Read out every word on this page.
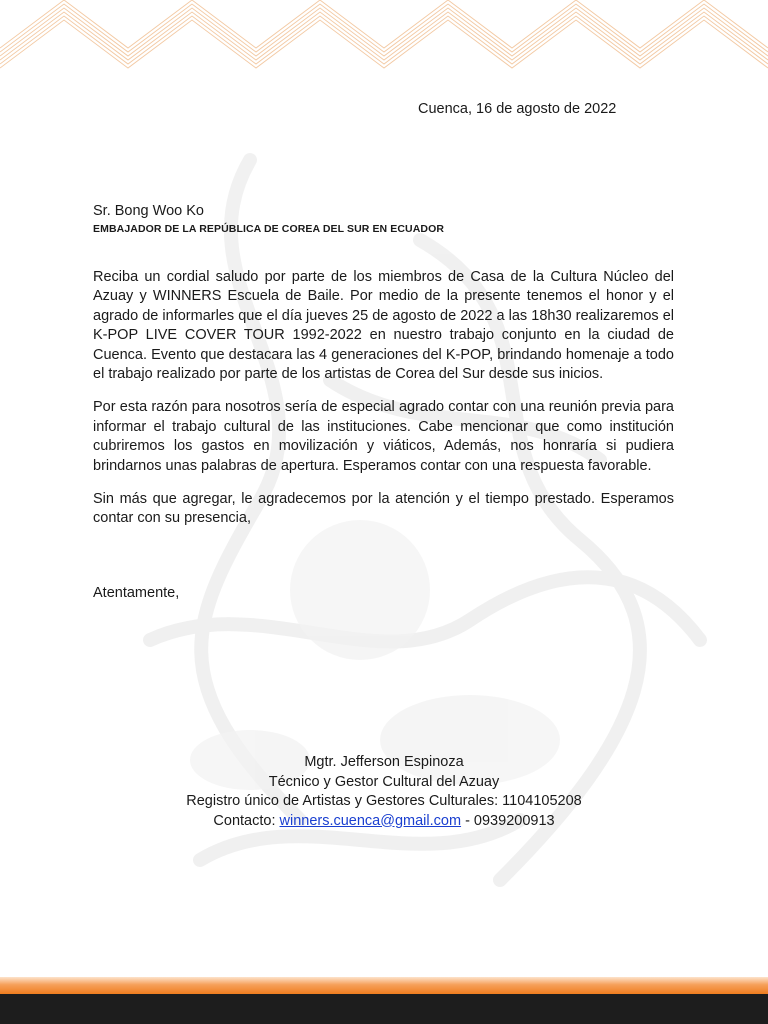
Cuenca, 16 de agosto de 2022
Sr. Bong Woo Ko
EMBAJADOR DE LA REPÚBLICA DE COREA DEL SUR EN ECUADOR

Reciba un cordial saludo por parte de los miembros de Casa de la Cultura Núcleo del Azuay y WINNERS Escuela de Baile. Por medio de la presente tenemos el honor y el agrado de informarles que el día jueves 25 de agosto de 2022 a las 18h30 realizaremos el K-POP LIVE COVER TOUR 1992-2022 en nuestro trabajo conjunto en la ciudad de Cuenca. Evento que destacara las 4 generaciones del K-POP, brindando homenaje a todo el trabajo realizado por parte de los artistas de Corea del Sur desde sus inicios.

Por esta razón para nosotros sería de especial agrado contar con una reunión previa para informar el trabajo cultural de las instituciones. Cabe mencionar que como institución cubriremos los gastos en movilización y viáticos, Además, nos honraría si pudiera brindarnos unas palabras de apertura. Esperamos contar con una respuesta favorable.

Sin más que agregar, le agradecemos por la atención y el tiempo prestado. Esperamos contar con su presencia,

Atentamente,
Mgtr. Jefferson Espinoza
Técnico y Gestor Cultural del Azuay
Registro único de Artistas y Gestores Culturales: 1104105208
Contacto: winners.cuenca@gmail.com - 0939200913
